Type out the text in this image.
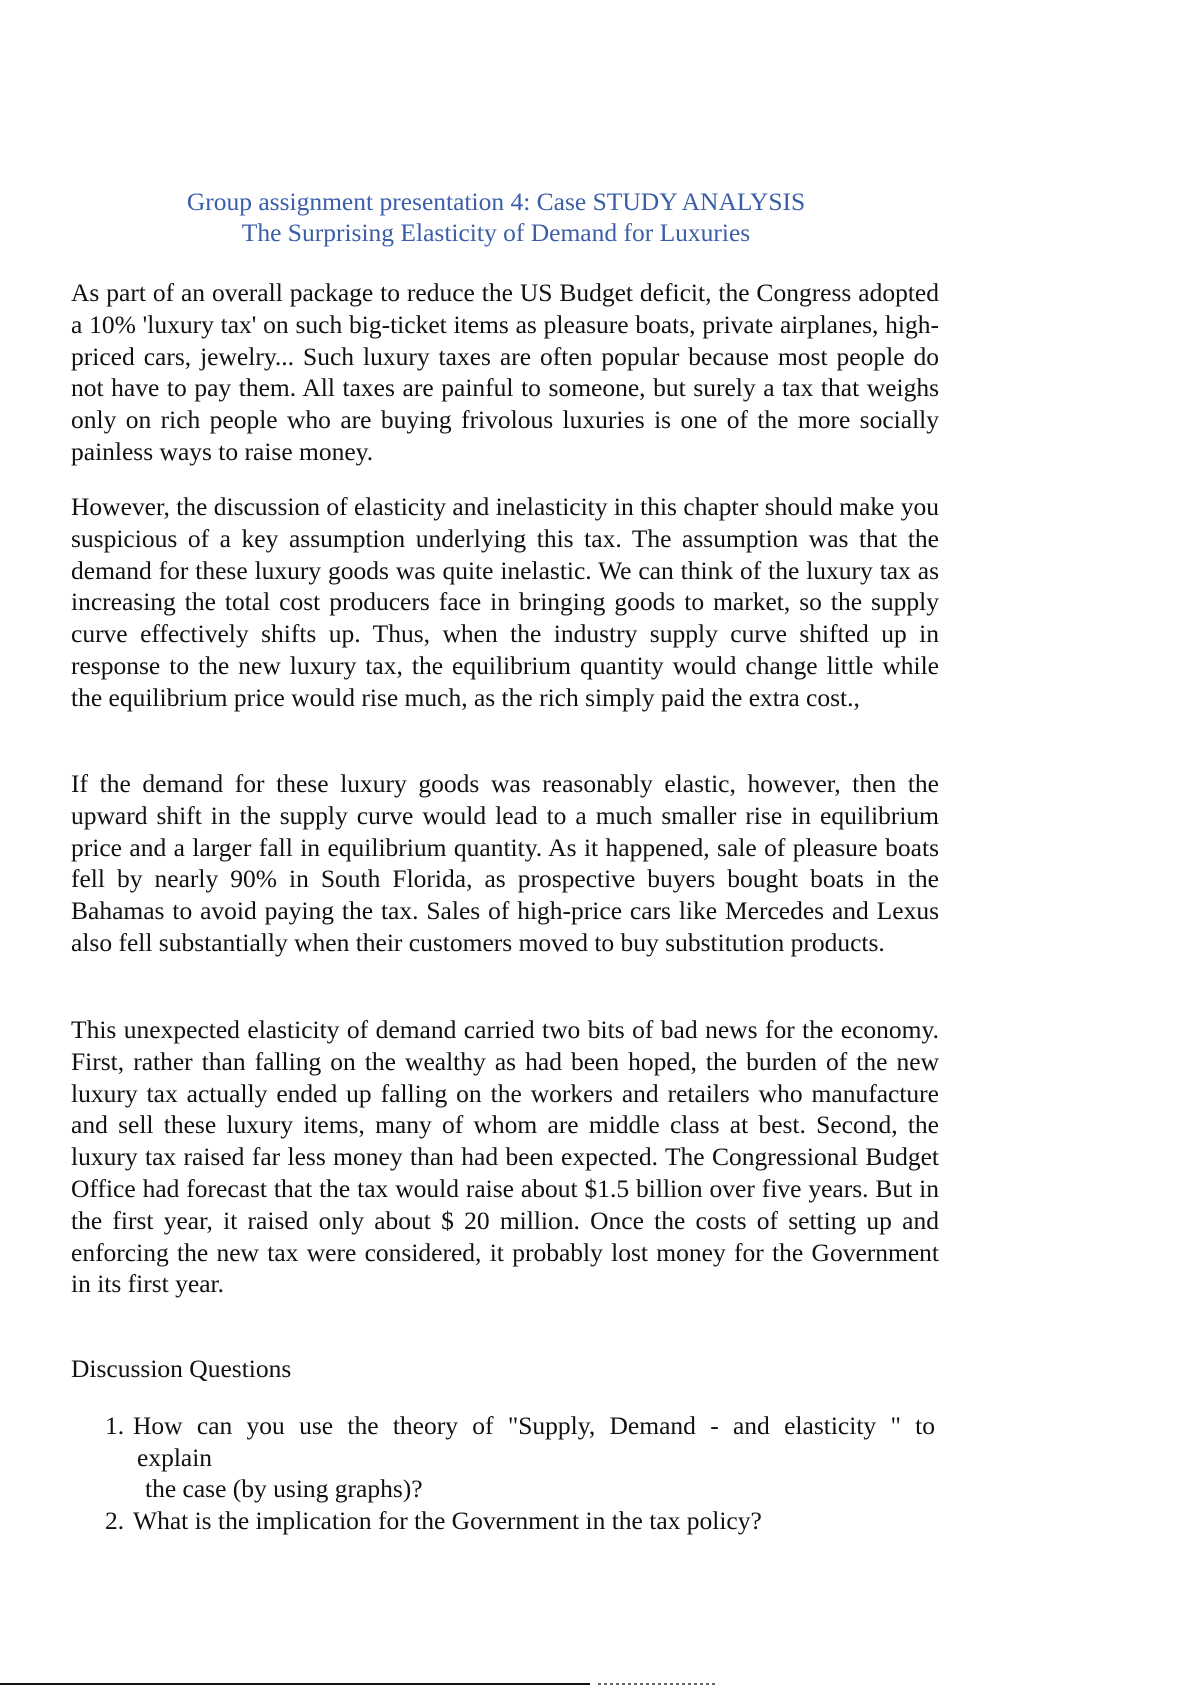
Group assignment presentation 4: Case STUDY ANALYSIS
The Surprising Elasticity of Demand for Luxuries

As part of an overall package to reduce the US Budget deficit, the Congress adopted a 10% 'luxury tax' on such big-ticket items as pleasure boats, private airplanes, high-priced cars, jewelry... Such luxury taxes are often popular because most people do not have to pay them. All taxes are painful to someone, but surely a tax that weighs only on rich people who are buying frivolous luxuries is one of the more socially painless ways to raise money.

However, the discussion of elasticity and inelasticity in this chapter should make you suspicious of a key assumption underlying this tax. The assumption was that the demand for these luxury goods was quite inelastic. We can think of the luxury tax as increasing the total cost producers face in bringing goods to market, so the supply curve effectively shifts up. Thus, when the industry supply curve shifted up in response to the new luxury tax, the equilibrium quantity would change little while the equilibrium price would rise much, as the rich simply paid the extra cost.,

If the demand for these luxury goods was reasonably elastic, however, then the upward shift in the supply curve would lead to a much smaller rise in equilibrium price and a larger fall in equilibrium quantity. As it happened, sale of pleasure boats fell by nearly 90% in South Florida, as prospective buyers bought boats in the Bahamas to avoid paying the tax. Sales of high-price cars like Mercedes and Lexus also fell substantially when their customers moved to buy substitution products.

This unexpected elasticity of demand carried two bits of bad news for the economy. First, rather than falling on the wealthy as had been hoped, the burden of the new luxury tax actually ended up falling on the workers and retailers who manufacture and sell these luxury items, many of whom are middle class at best. Second, the luxury tax raised far less money than had been expected. The Congressional Budget Office had forecast that the tax would raise about $1.5 billion over five years. But in the first year, it raised only about $ 20 million. Once the costs of setting up and enforcing the new tax were considered, it probably lost money for the Government in its first year.

Discussion Questions
1. How can you use the theory of "Supply, Demand - and elasticity " to
explain
the case (by using graphs)?
2. What is the implication for the Government in the tax policy?
